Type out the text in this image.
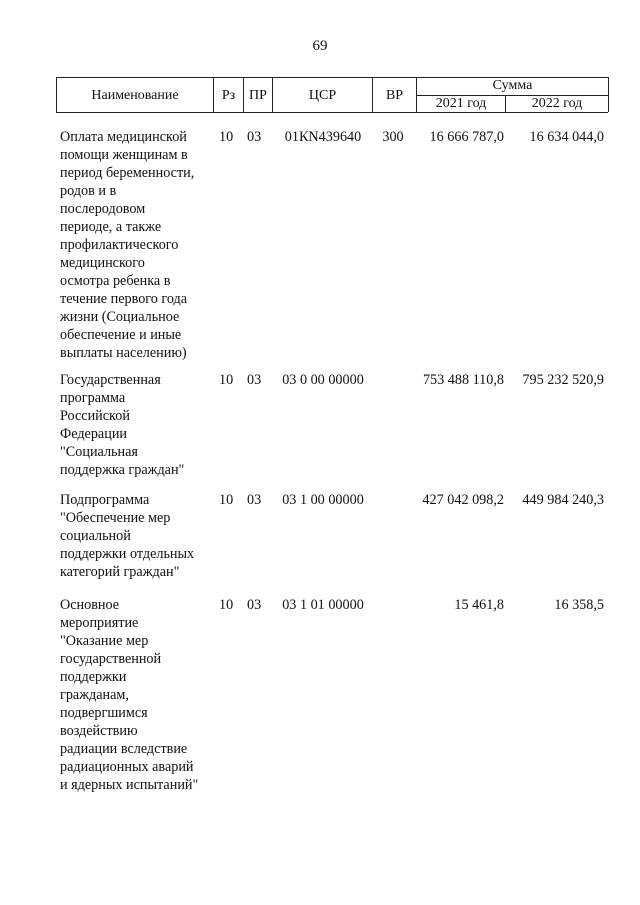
69
Наименование	Рз ПР	ЦСР	ВР
Сумма
2021 год	2022 год
Оплата медицинской
помощи женщинам в
период беременности,
родов и в
послеродовом
периоде, а также
профилактического
медицинского
осмотра ребенка в
течение первого года
жизни (Социальное
обеспечение и иные
выплаты населению)
10 03	01КN439640	300	16 666 787,0	16 634 044,0
Государственная
программа
Российской
Федерации
"Социальная
поддержка граждан"
10 03	03 0 00 00000	753 488 110,8	795 232 520,9
Подпрограмма
"Обеспечение мер
социальной
поддержки отдельных
категорий граждан"
10 03	03 1 00 00000	427 042 098,2	449 984 240,3
Основное
мероприятие
"Оказание мер
государственной
поддержки
гражданам,
подвергшимся
воздействию
радиации вследствие
радиационных аварий
и ядерных испытаний"
10 03	03 1 01 00000	15 461,8	16 358,5
